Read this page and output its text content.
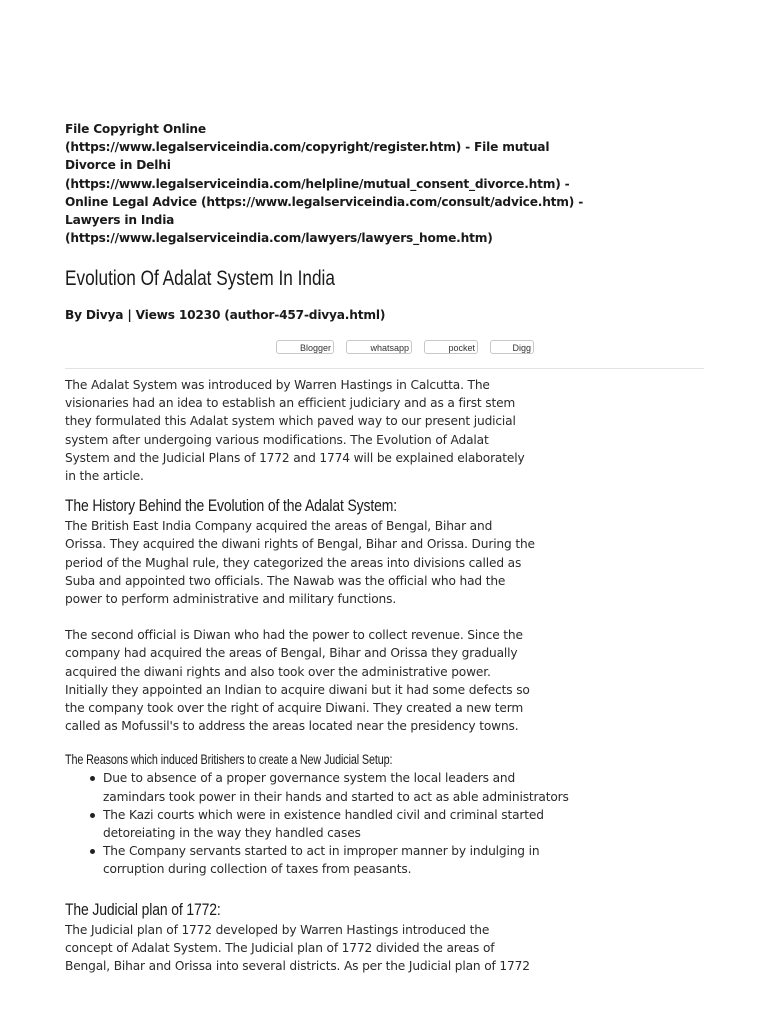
File Copyright Online

(https://www.legalserviceindia.com/copyright/register.htm) - File mutual

Divorce in Delhi

(https://www.legalserviceindia.com/helpline/mutual_consent_divorce.htm) -

Online Legal Advice (https://www.legalserviceindia.com/consult/advice.htm) -

Lawyers in India

(https://www.legalserviceindia.com/lawyers/lawyers_home.htm)

Evolution Of Adalat System In India
By Divya | Views 10230 (author-457-divya.html)
Blogger	whatsapp	pocket	Digg

The Adalat System was introduced by Warren Hastings in Calcutta. The
visionaries had an idea to establish an efficient judiciary and as a first stem
they formulated this Adalat system which paved way to our present judicial
system after undergoing various modifications. The Evolution of Adalat
System and the Judicial Plans of 1772 and 1774 will be explained elaborately
in the article.

The History Behind the Evolution of the Adalat System:

The British East India Company acquired the areas of Bengal, Bihar and
Orissa. They acquired the diwani rights of Bengal, Bihar and Orissa. During the
period of the Mughal rule, they categorized the areas into divisions called as
Suba and appointed two officials. The Nawab was the official who had the
power to perform administrative and military functions.

The second official is Diwan who had the power to collect revenue. Since the
company had acquired the areas of Bengal, Bihar and Orissa they gradually
acquired the diwani rights and also took over the administrative power.
Initially they appointed an Indian to acquire diwani but it had some defects so
the company took over the right of acquire Diwani. They created a new term
called as Mofussil's to address the areas located near the presidency towns.

The Reasons which induced Britishers to create a New Judicial Setup:
Due to absence of a proper governance system the local leaders and
zamindars took power in their hands and started to act as able administrators
The Kazi courts which were in existence handled civil and criminal started
detoreiating in the way they handled cases
The Company servants started to act in improper manner by indulging in
corruption during collection of taxes from peasants.
The Judicial plan of 1772:

The Judicial plan of 1772 developed by Warren Hastings introduced the
concept of Adalat System. The Judicial plan of 1772 divided the areas of
Bengal, Bihar and Orissa into several districts. As per the Judicial plan of 1772
